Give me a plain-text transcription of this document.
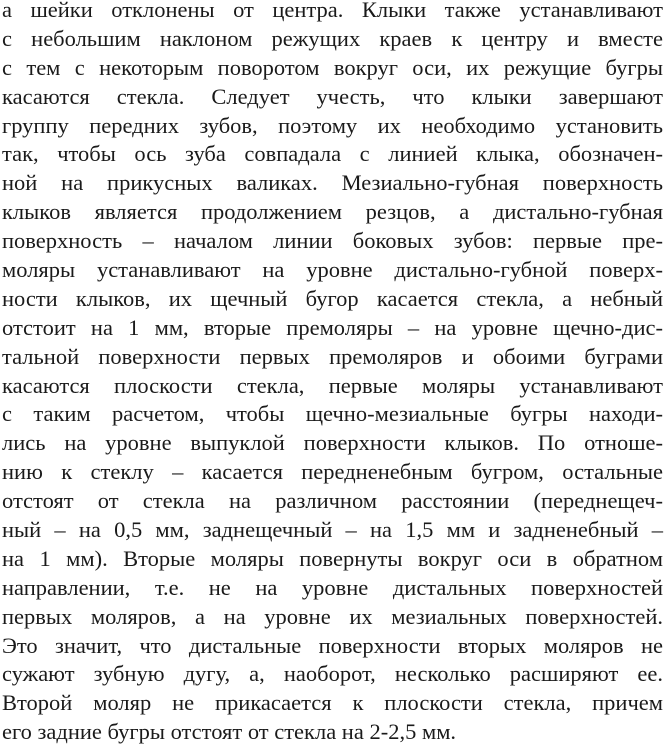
а шейки отклонены от центра. Клыки также устанавливают
с небольшим наклоном режущих краев к центру и вместе
с тем с некоторым поворотом вокруг оси, их режущие бугры
касаются стекла. Следует учесть, что клыки завершают
группу передних зубов, поэтому их необходимо установить
так, чтобы ось зуба совпадала с линией клыка, обозначен-
ной на прикусных валиках. Мезиально-губная поверхность
клыков является продолжением резцов, а дистально-губная
поверхность – началом линии боковых зубов: первые пре-
моляры устанавливают на уровне дистально-губной поверх-
ности клыков, их щечный бугор касается стекла, а небный
отстоит на 1 мм, вторые премоляры – на уровне щечно-дис-
тальной поверхности первых премоляров и обоими буграми
касаются плоскости стекла, первые моляры устанавливают
с таким расчетом, чтобы щечно-мезиальные бугры находи-
лись на уровне выпуклой поверхности клыков. По отноше-
нию к стеклу – касается передненебным бугром, остальные
отстоят от стекла на различном расстоянии (переднещеч-
ный – на 0,5 мм, заднещечный – на 1,5 мм и задненебный –
на 1 мм). Вторые моляры повернуты вокруг оси в обратном
направлении, т.е. не на уровне дистальных поверхностей
первых моляров, а на уровне их мезиальных поверхностей.
Это значит, что дистальные поверхности вторых моляров не
сужают зубную дугу, а, наоборот, несколько расширяют ее.
Второй моляр не прикасается к плоскости стекла, причем
его задние бугры отстоят от стекла на 2-2,5 мм.
